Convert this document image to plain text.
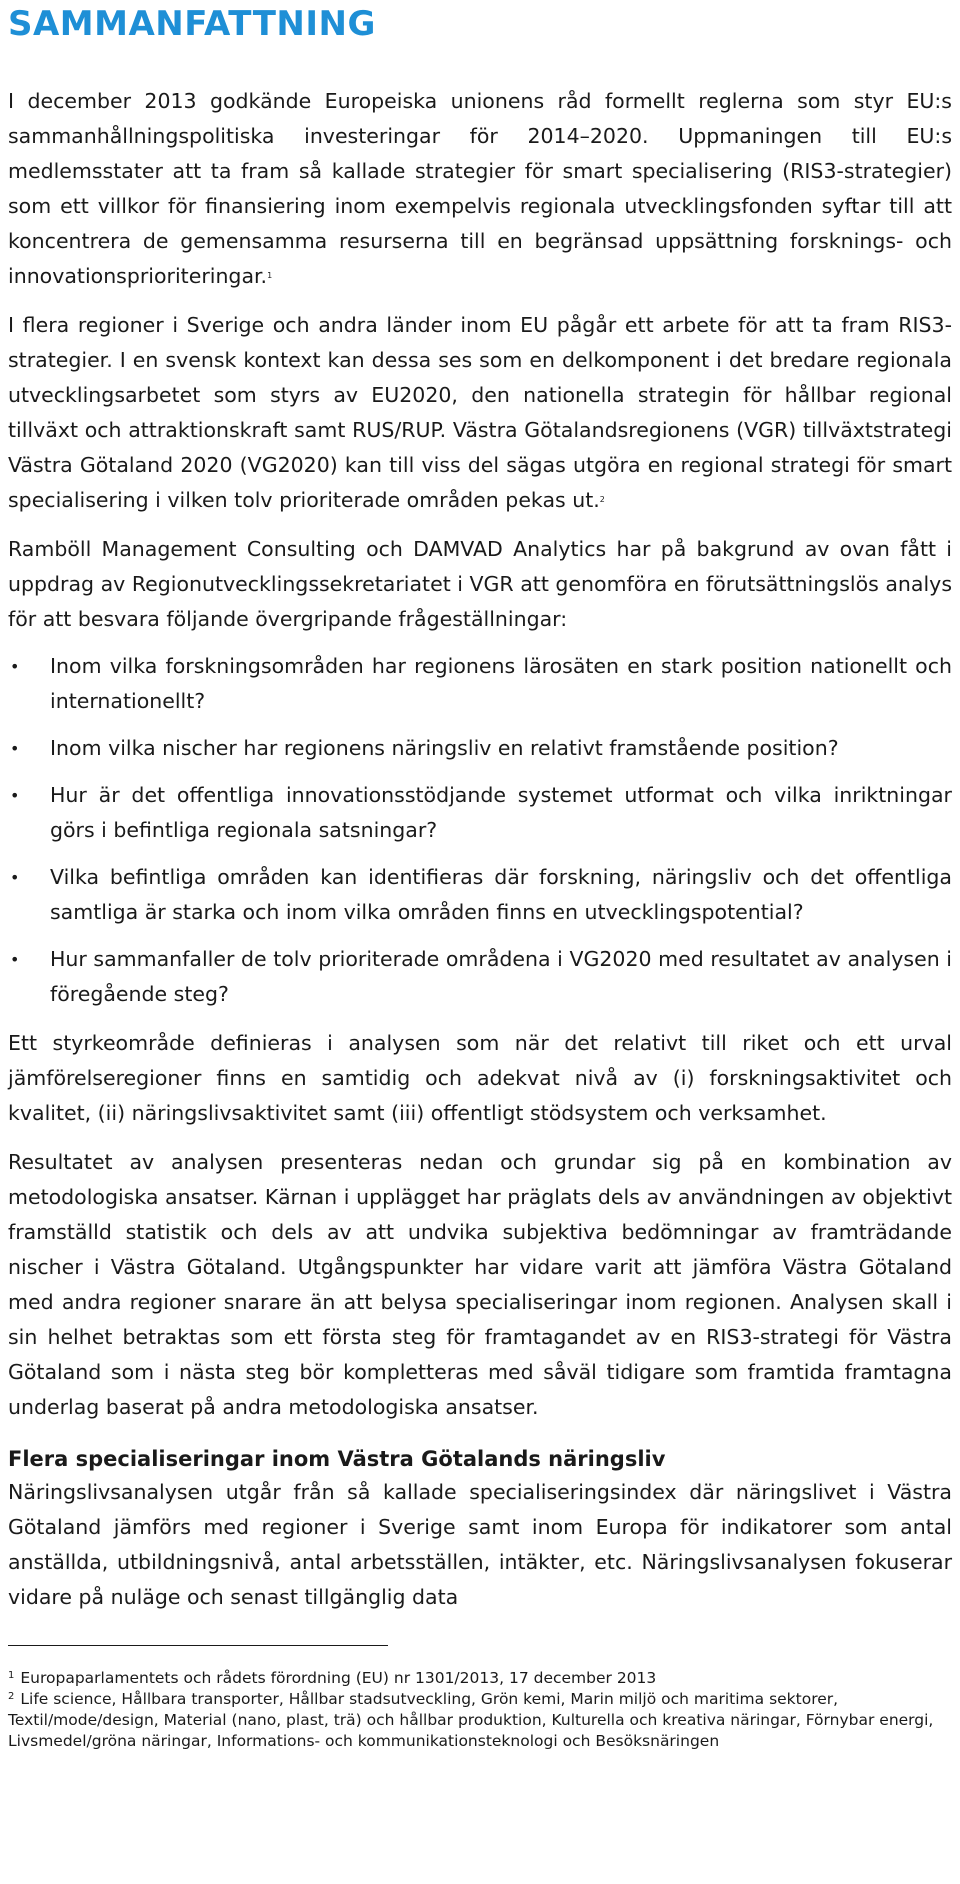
SAMMANFATTNING

I december 2013 godkände Europeiska unionens råd formellt reglerna som styr EU:s sammanhållningspolitiska investeringar för 2014–2020. Uppmaningen till EU:s medlemsstater att ta fram så kallade strategier för smart specialisering (RIS3-strategier) som ett villkor för finansiering inom exempelvis regionala utvecklingsfonden syftar till att koncentrera de gemensamma resurserna till en begränsad uppsättning forsknings- och innovationsprioriteringar.$^1$

I flera regioner i Sverige och andra länder inom EU pågår ett arbete för att ta fram RIS3-strategier. I en svensk kontext kan dessa ses som en delkomponent i det bredare regionala utvecklingsarbetet som styrs av EU2020, den nationella strategin för hållbar regional tillväxt och attraktionskraft samt RUS/RUP. Västra Götalandsregionens (VGR) tillväxtstrategi Västra Götaland 2020 (VG2020) kan till viss del sägas utgöra en regional strategi för smart specialisering i vilken tolv prioriterade områden pekas ut.$^2$

Ramböll Management Consulting och DAMVAD Analytics har på bakgrund av ovan fått i uppdrag av Regionutvecklingssekretariatet i VGR att genomföra en förutsättningslös analys för att besvara följande övergripande frågeställningar:

• Inom vilka forskningsområden har regionens lärosäten en stark position nationellt och internationellt?
• Inom vilka nischer har regionens näringsliv en relativt framstående position?
• Hur är det offentliga innovationsstödjande systemet utformat och vilka inriktningar görs i befintliga regionala satsningar?
• Vilka befintliga områden kan identifieras där forskning, näringsliv och det offentliga samtliga är starka och inom vilka områden finns en utvecklingspotential?
• Hur sammanfaller de tolv prioriterade områdena i VG2020 med resultatet av analysen i föregående steg?

Ett styrkeområde definieras i analysen som när det relativt till riket och ett urval jämförelseregioner finns en samtidig och adekvat nivå av (i) forskningsaktivitet och kvalitet, (ii) näringslivsaktivitet samt (iii) offentligt stödsystem och verksamhet.

Resultatet av analysen presenteras nedan och grundar sig på en kombination av metodologiska ansatser. Kärnan i upplägget har präglats dels av användningen av objektivt framställd statistik och dels av att undvika subjektiva bedömningar av framträdande nischer i Västra Götaland. Utgångspunkter har vidare varit att jämföra Västra Götaland med andra regioner snarare än att belysa specialiseringar inom regionen. Analysen skall i sin helhet betraktas som ett första steg för framtagandet av en RIS3-strategi för Västra Götaland som i nästa steg bör kompletteras med såväl tidigare som framtida framtagna underlag baserat på andra metodologiska ansatser.

Flera specialiseringar inom Västra Götalands näringsliv

Näringslivsanalysen utgår från så kallade specialiseringsindex där näringslivet i Västra Götaland jämförs med regioner i Sverige samt inom Europa för indikatorer som antal anställda, utbildningsnivå, antal arbetsställen, intäkter, etc. Näringslivsanalysen fokuserar vidare på nuläge och senast tillgänglig data

$^1$ Europaparlamentets och rådets förordning (EU) nr 1301/2013, 17 december 2013
$^2$ Life science, Hållbara transporter, Hållbar stadsutveckling, Grön kemi, Marin miljö och maritima sektorer, Textil/mode/design, Material (nano, plast, trä) och hållbar produktion, Kulturella och kreativa näringar, Förnybar energi, Livsmedel/gröna näringar, Informations- och kommunikationsteknologi och Besöksnäringen
